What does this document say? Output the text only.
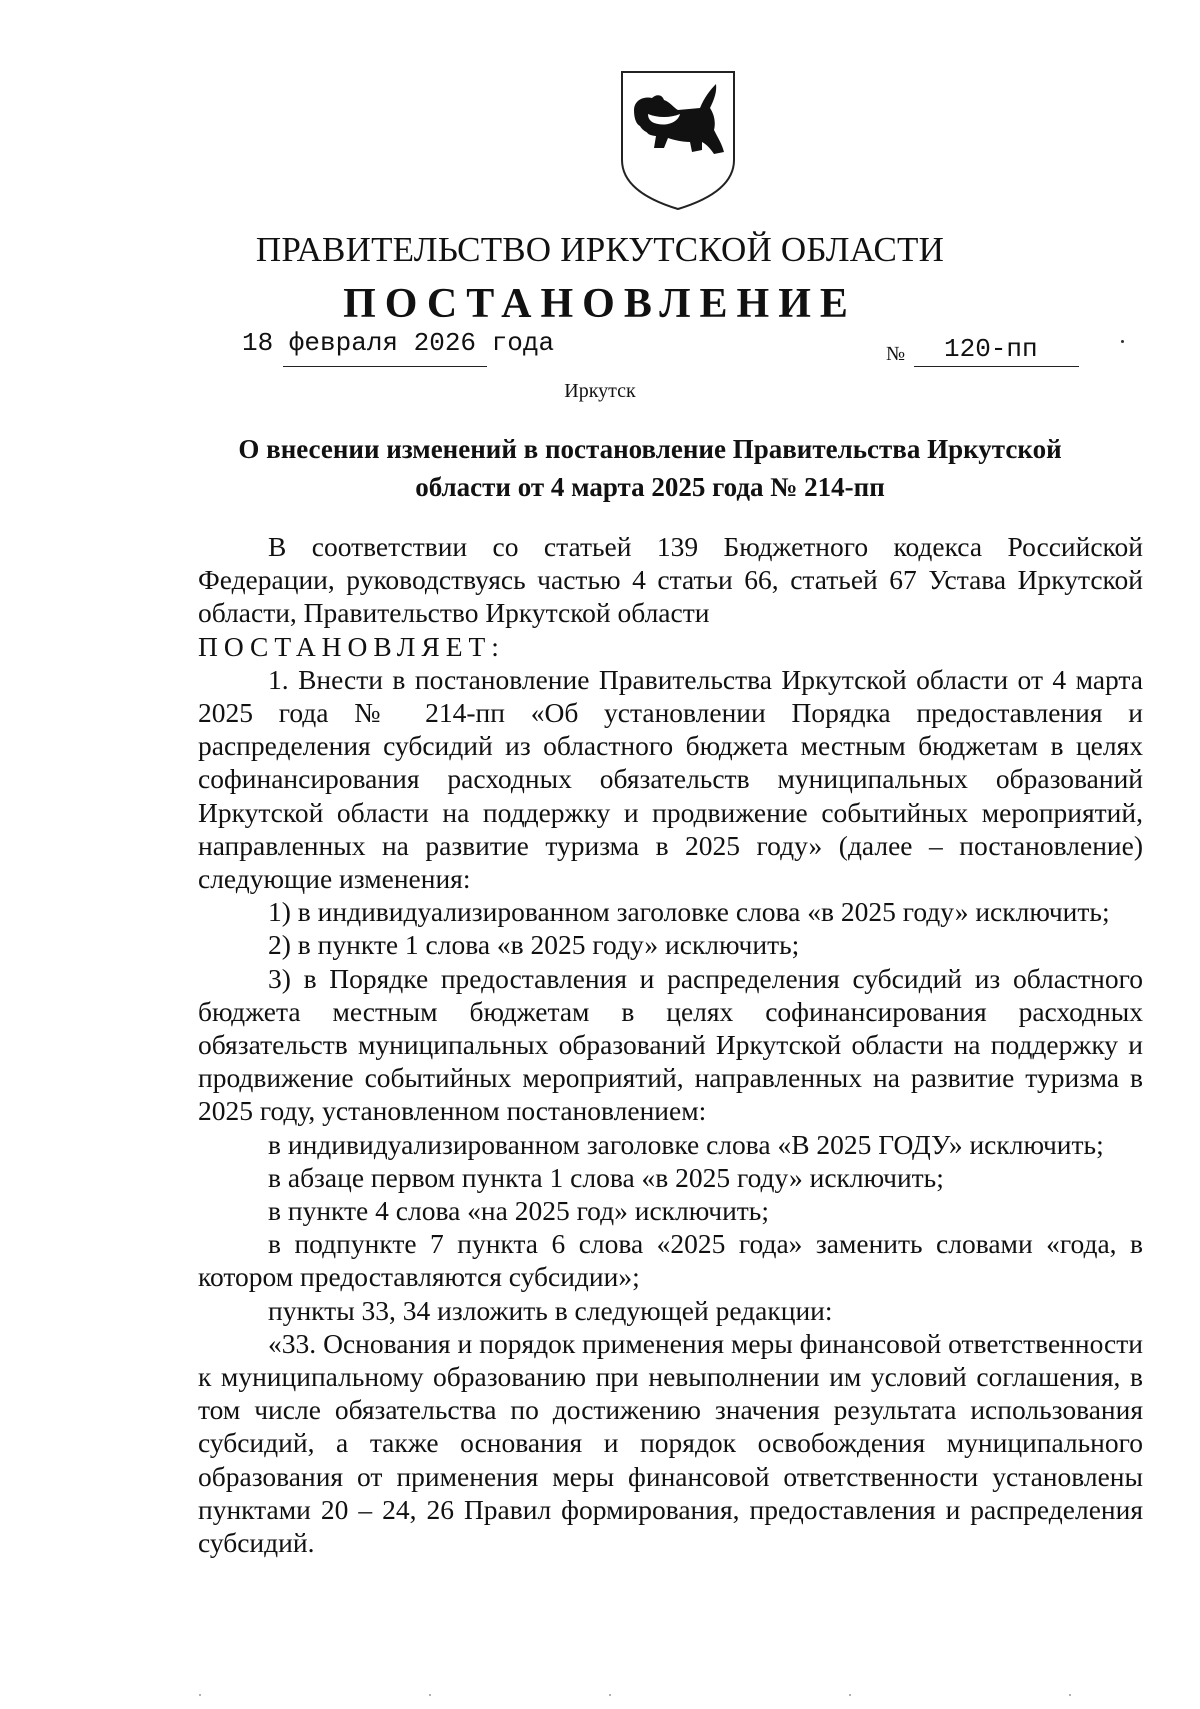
ПРАВИТЕЛЬСТВО ИРКУТСКОЙ ОБЛАСТИ
ПОСТАНОВЛЕНИЕ
18 февраля 2026 года	№ 120-пп
Иркутск
О внесении изменений в постановление Правительства Иркутской
области от 4 марта 2025 года № 214-пп

В соответствии со статьей 139 Бюджетного кодекса Российской Федерации, руководствуясь частью 4 статьи 66, статьей 67 Устава Иркутской области, Правительство Иркутской области

ПОСТАНОВЛЯЕТ:

1. Внести в постановление Правительства Иркутской области от 4 марта 2025 года № 214-пп «Об установлении Порядка предоставления и распределения субсидий из областного бюджета местным бюджетам в целях софинансирования расходных обязательств муниципальных образований Иркутской области на поддержку и продвижение событийных мероприятий, направленных на развитие туризма в 2025 году» (далее – постановление) следующие изменения:

1) в индивидуализированном заголовке слова «в 2025 году» исключить;

2) в пункте 1 слова «в 2025 году» исключить;

3) в Порядке предоставления и распределения субсидий из областного бюджета местным бюджетам в целях софинансирования расходных обязательств муниципальных образований Иркутской области на поддержку и продвижение событийных мероприятий, направленных на развитие туризма в 2025 году, установленном постановлением:

в индивидуализированном заголовке слова «В 2025 ГОДУ» исключить;

в абзаце первом пункта 1 слова «в 2025 году» исключить;

в пункте 4 слова «на 2025 год» исключить;

в подпункте 7 пункта 6 слова «2025 года» заменить словами «года, в котором предоставляются субсидии»;

пункты 33, 34 изложить в следующей редакции:

«33. Основания и порядок применения меры финансовой ответственности к муниципальному образованию при невыполнении им условий соглашения, в том числе обязательства по достижению значения результата использования субсидий, а также основания и порядок освобождения муниципального образования от применения меры финансовой ответственности установлены пунктами 20 – 24, 26 Правил формирования, предоставления и распределения субсидий.
